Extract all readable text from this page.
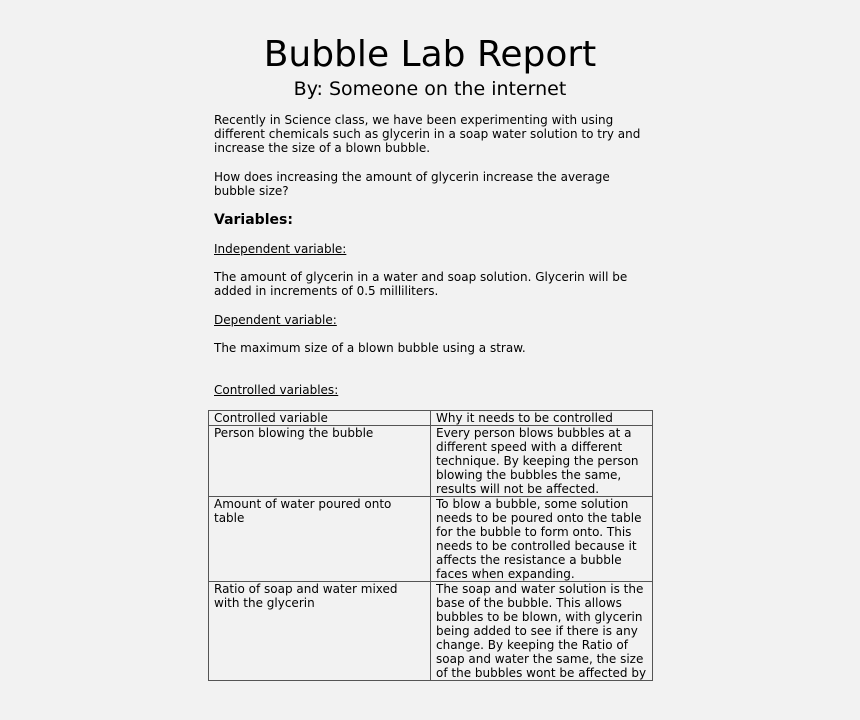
Bubble Lab Report
By: Someone on the internet

Recently in Science class, we have been experimenting with using different chemicals such as glycerin in a soap water solution to try and increase the size of a blown bubble.

How does increasing the amount of glycerin increase the average bubble size?

Variables:

Independent variable:

The amount of glycerin in a water and soap solution. Glycerin will be added in increments of 0.5 milliliters.

Dependent variable:

The maximum size of a blown bubble using a straw.

Controlled variables:

Controlled variable	Why it needs to be controlled

Person blowing the bubble	Every person blows bubbles at a different speed with a different technique. By keeping the person blowing the bubbles the same, results will not be affected.

Amount of water poured onto table	To blow a bubble, some solution needs to be poured onto the table for the bubble to form onto. This needs to be controlled because it affects the resistance a bubble faces when expanding.

Ratio of soap and water mixed with the glycerin	The soap and water solution is the base of the bubble. This allows bubbles to be blown, with glycerin being added to see if there is any change. By keeping the Ratio of soap and water the same, the size of the bubbles wont be affected by
